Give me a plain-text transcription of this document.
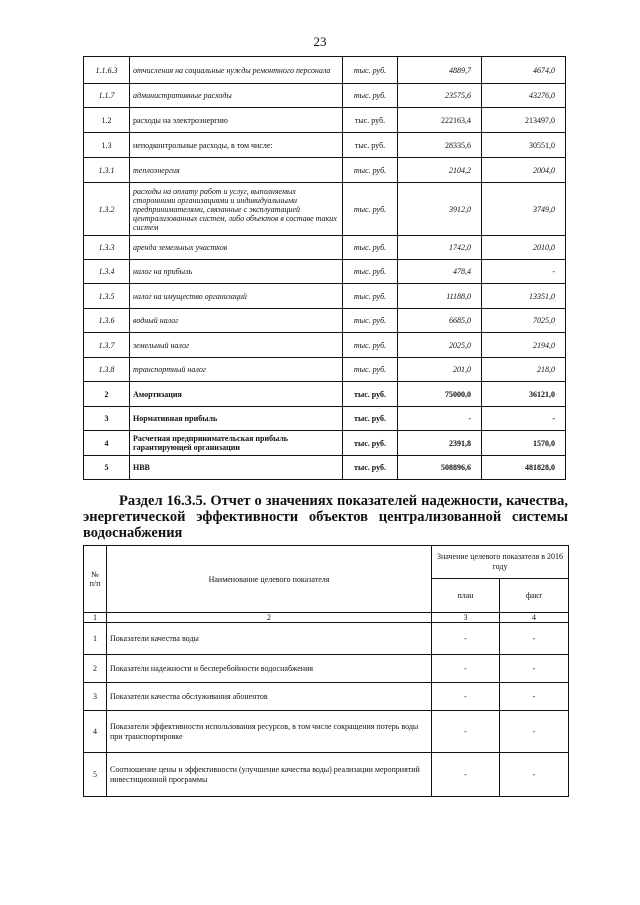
23
1.1.6.3	отчисления на социальные нужды ремонтного персонала	тыс. руб.	4889,7	4674,0
1.1.7	административные расходы	тыс. руб.	23575,6	43276,0
1.2	расходы на электроэнергию	тыс. руб.	222163,4	213497,0
1.3	неподконтрольные расходы, в том числе:	тыс. руб.	28335,6	30551,0
1.3.1	теплоэнергия	тыс. руб.	2104,2	2004,0
1.3.2	расходы на оплату работ и услуг, выполняемых сторонними организациями и индивидуальными предпринимателями, связанные с эксплуатацией централизованных систем, либо объектов в составе таких систем	тыс. руб.	3912,0	3749,0
1.3.3	аренда земельных участков	тыс. руб.	1742,0	2010,0
1.3.4	налог на прибыль	тыс. руб.	478,4	-
1.3.5	налог на имущество организаций	тыс. руб.	11188,0	13351,0
1.3.6	водный налог	тыс. руб.	6685,0	7025,0
1.3.7	земельный налог	тыс. руб.	2025,0	2194,0
1.3.8	транспортный налог	тыс. руб.	201,0	218,0
2	Амортизация	тыс. руб.	75000,0	36121,0
3	Нормативная прибыль	тыс. руб.	-	-
4	Расчетная предпринимательская прибыль гарантирующей организации	тыс. руб.	2391,8	1570,0
5	НВВ	тыс. руб.	508896,6	481828,0
Раздел 16.3.5. Отчет о значениях показателей надежности, качества, энергетической эффективности объектов централизованной системы водоснабжения
№ п/п	Наименование целевого показателя	Значение целевого показателя в 2016 году	
		план	факт
1	2	3	4
1	Показатели качества воды	-	-
2	Показатели надежности и бесперебойности водоснабжения	-	-
3	Показатели качества обслуживания абонентов	-	-
4	Показатели эффективности использования ресурсов, в том числе сокращения потерь воды при транспортировке	-	-
5	Соотношение цены и эффективности (улучшение качества воды) реализации мероприятий инвестиционной программы	-	-
